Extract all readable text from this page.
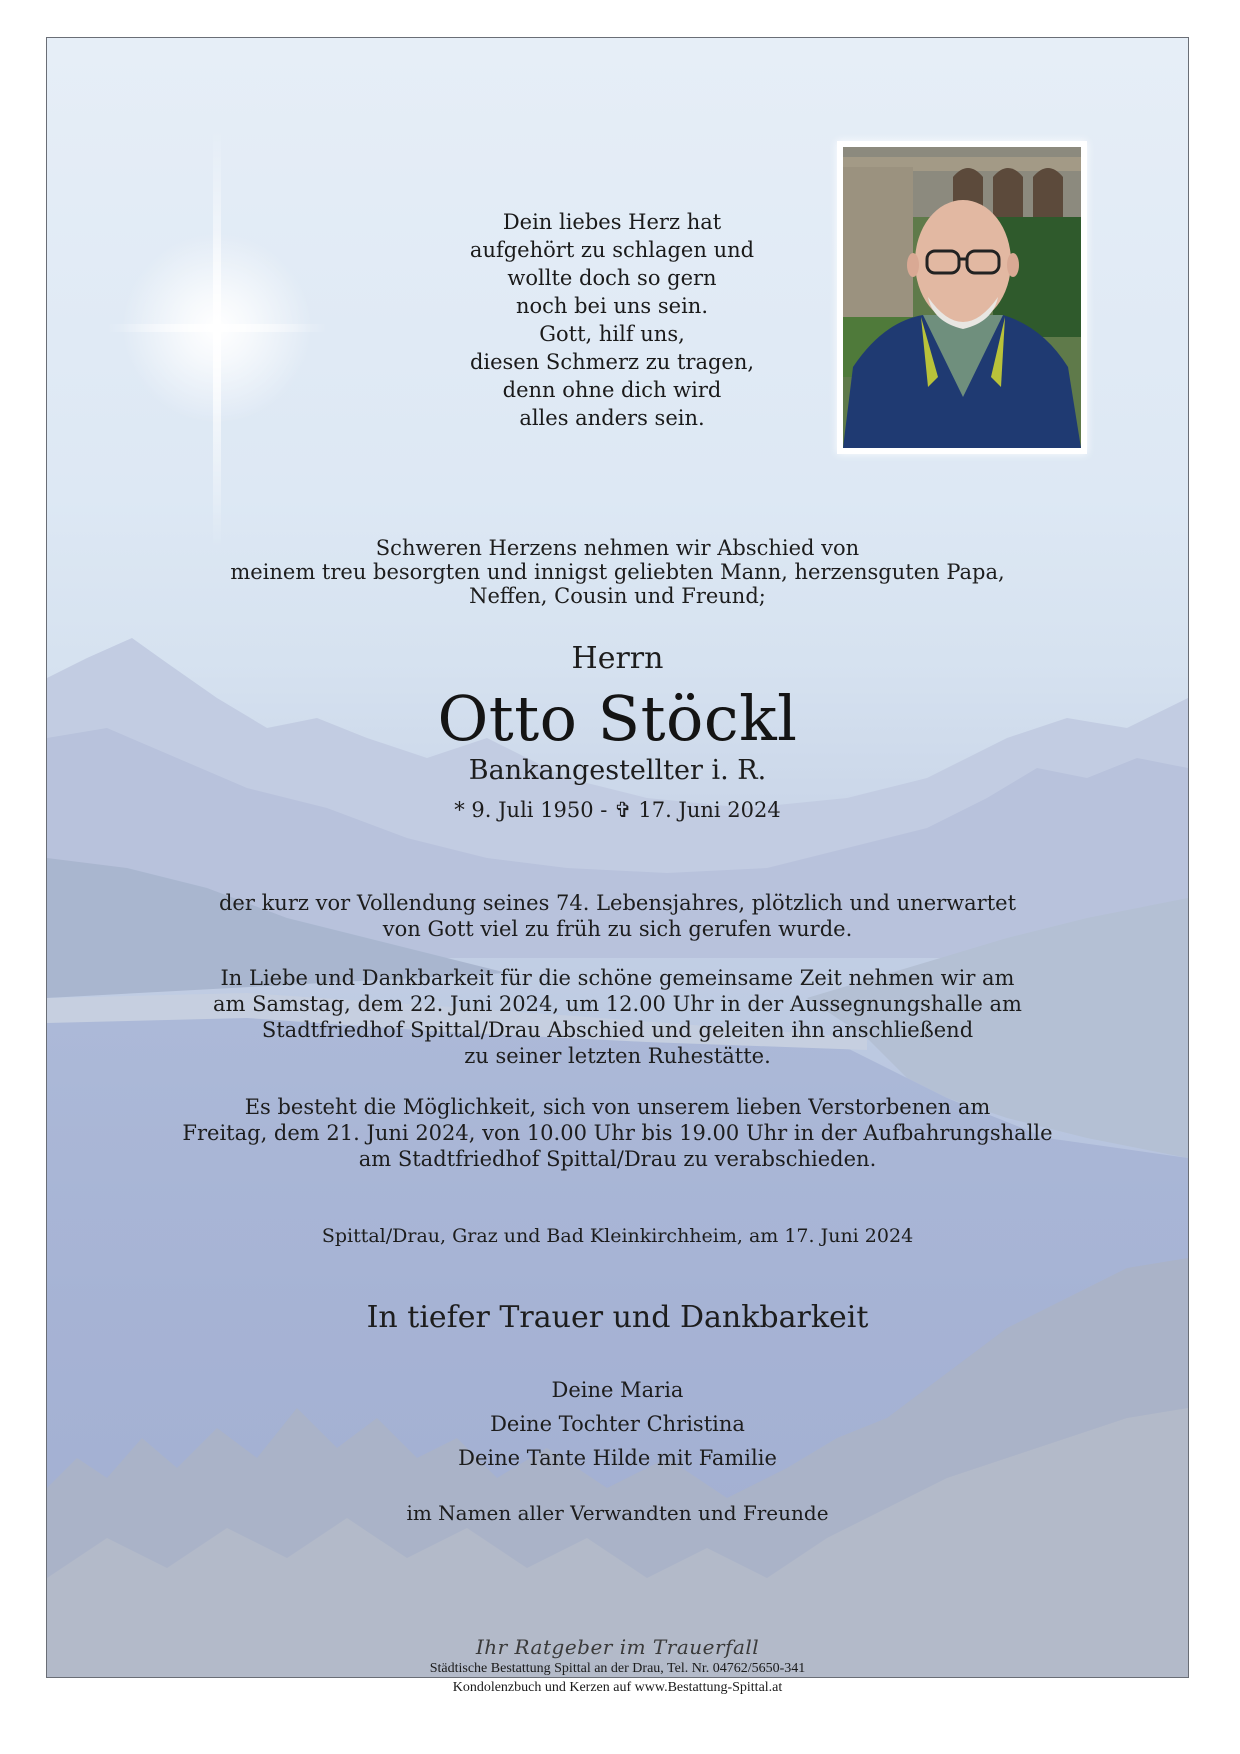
Dein liebes Herz hat
aufgehört zu schlagen und
wollte doch so gern
noch bei uns sein.
Gott, hilf uns,
diesen Schmerz zu tragen,
denn ohne dich wird
alles anders sein.
Schweren Herzens nehmen wir Abschied von
meinem treu besorgten und innigst geliebten Mann, herzensguten Papa,
Neffen, Cousin und Freund;
Herrn
Otto Stöckl
Bankangestellter i. R.
* 9. Juli 1950 - ✞ 17. Juni 2024
der kurz vor Vollendung seines 74. Lebensjahres, plötzlich und unerwartet
von Gott viel zu früh zu sich gerufen wurde.
In Liebe und Dankbarkeit für die schöne gemeinsame Zeit nehmen wir am
am Samstag, dem 22. Juni 2024, um 12.00 Uhr in der Aussegnungshalle am
Stadtfriedhof Spittal/Drau Abschied und geleiten ihn anschließend
zu seiner letzten Ruhestätte.
Es besteht die Möglichkeit, sich von unserem lieben Verstorbenen am
Freitag, dem 21. Juni 2024, von 10.00 Uhr bis 19.00 Uhr in der Aufbahrungshalle
am Stadtfriedhof Spittal/Drau zu verabschieden.
Spittal/Drau, Graz und Bad Kleinkirchheim, am 17. Juni 2024
In tiefer Trauer und Dankbarkeit
Deine Maria
Deine Tochter Christina
Deine Tante Hilde mit Familie
im Namen aller Verwandten und Freunde
Ihr Ratgeber im Trauerfall
Städtische Bestattung Spittal an der Drau, Tel. Nr. 04762/5650-341
Kondolenzbuch und Kerzen auf www.Bestattung-Spittal.at
